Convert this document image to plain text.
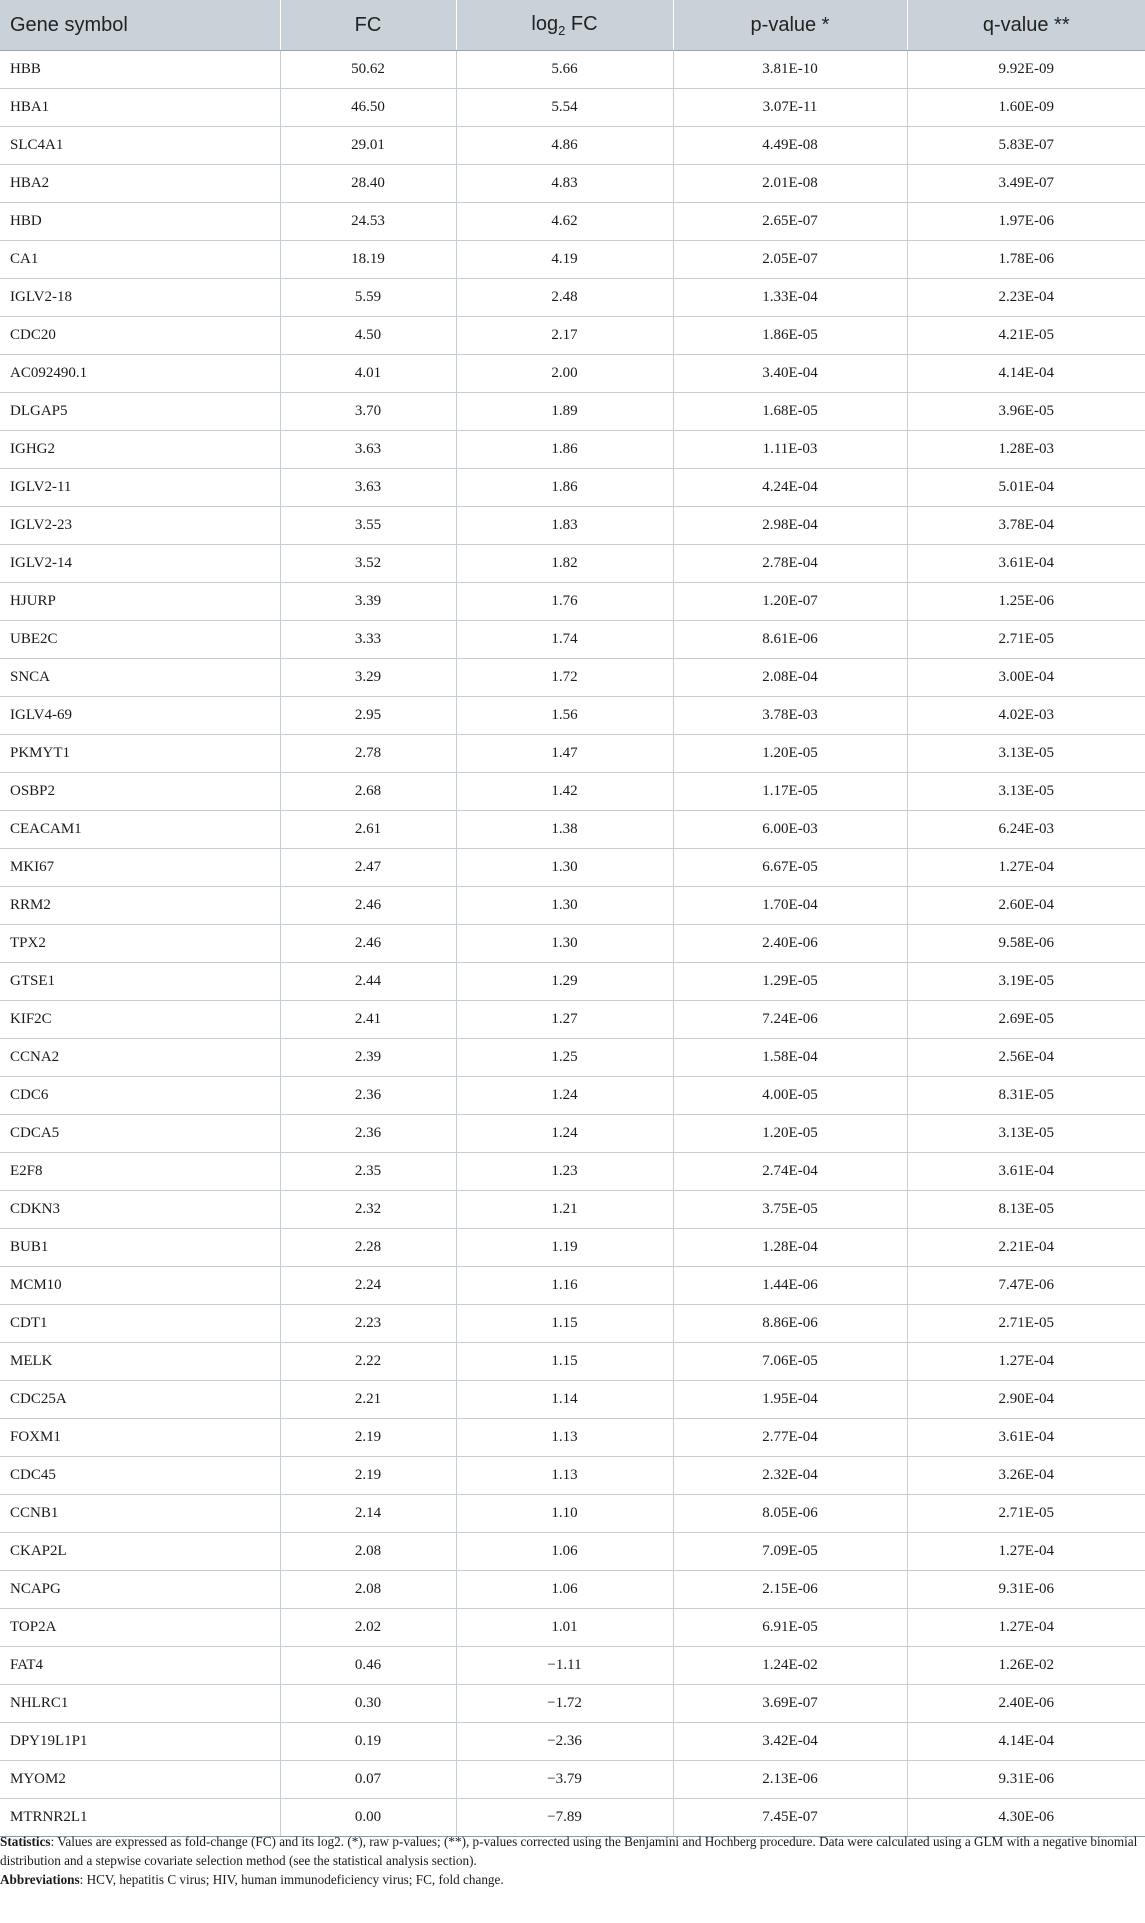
Gene symbol	FC	$\log_2$ FC	p-value *	q-value **
HBB	50.62	5.66	3.81E-10	9.92E-09
HBA1	46.50	5.54	3.07E-11	1.60E-09
SLC4A1	29.01	4.86	4.49E-08	5.83E-07
HBA2	28.40	4.83	2.01E-08	3.49E-07
HBD	24.53	4.62	2.65E-07	1.97E-06
CA1	18.19	4.19	2.05E-07	1.78E-06
IGLV2-18	5.59	2.48	1.33E-04	2.23E-04
CDC20	4.50	2.17	1.86E-05	4.21E-05
AC092490.1	4.01	2.00	3.40E-04	4.14E-04
DLGAP5	3.70	1.89	1.68E-05	3.96E-05
IGHG2	3.63	1.86	1.11E-03	1.28E-03
IGLV2-11	3.63	1.86	4.24E-04	5.01E-04
IGLV2-23	3.55	1.83	2.98E-04	3.78E-04
IGLV2-14	3.52	1.82	2.78E-04	3.61E-04
HJURP	3.39	1.76	1.20E-07	1.25E-06
UBE2C	3.33	1.74	8.61E-06	2.71E-05
SNCA	3.29	1.72	2.08E-04	3.00E-04
IGLV4-69	2.95	1.56	3.78E-03	4.02E-03
PKMYT1	2.78	1.47	1.20E-05	3.13E-05
OSBP2	2.68	1.42	1.17E-05	3.13E-05
CEACAM1	2.61	1.38	6.00E-03	6.24E-03
MKI67	2.47	1.30	6.67E-05	1.27E-04
RRM2	2.46	1.30	1.70E-04	2.60E-04
TPX2	2.46	1.30	2.40E-06	9.58E-06
GTSE1	2.44	1.29	1.29E-05	3.19E-05
KIF2C	2.41	1.27	7.24E-06	2.69E-05
CCNA2	2.39	1.25	1.58E-04	2.56E-04
CDC6	2.36	1.24	4.00E-05	8.31E-05
CDCA5	2.36	1.24	1.20E-05	3.13E-05
E2F8	2.35	1.23	2.74E-04	3.61E-04
CDKN3	2.32	1.21	3.75E-05	8.13E-05
BUB1	2.28	1.19	1.28E-04	2.21E-04
MCM10	2.24	1.16	1.44E-06	7.47E-06
CDT1	2.23	1.15	8.86E-06	2.71E-05
MELK	2.22	1.15	7.06E-05	1.27E-04
CDC25A	2.21	1.14	1.95E-04	2.90E-04
FOXM1	2.19	1.13	2.77E-04	3.61E-04
CDC45	2.19	1.13	2.32E-04	3.26E-04
CCNB1	2.14	1.10	8.05E-06	2.71E-05
CKAP2L	2.08	1.06	7.09E-05	1.27E-04
NCAPG	2.08	1.06	2.15E-06	9.31E-06
TOP2A	2.02	1.01	6.91E-05	1.27E-04
FAT4	0.46	−1.11	1.24E-02	1.26E-02
NHLRC1	0.30	−1.72	3.69E-07	2.40E-06
DPY19L1P1	0.19	−2.36	3.42E-04	4.14E-04
MYOM2	0.07	−3.79	2.13E-06	9.31E-06
MTRNR2L1	0.00	−7.89	7.45E-07	4.30E-06

Statistics: Values are expressed as fold-change (FC) and its log2. (*), raw p-values; (**), p-values corrected using the Benjamini and Hochberg procedure. Data were calculated using a GLM with a negative binomial distribution and a stepwise covariate selection method (see the statistical analysis section).

Abbreviations: HCV, hepatitis C virus; HIV, human immunodeficiency virus; FC, fold change.
